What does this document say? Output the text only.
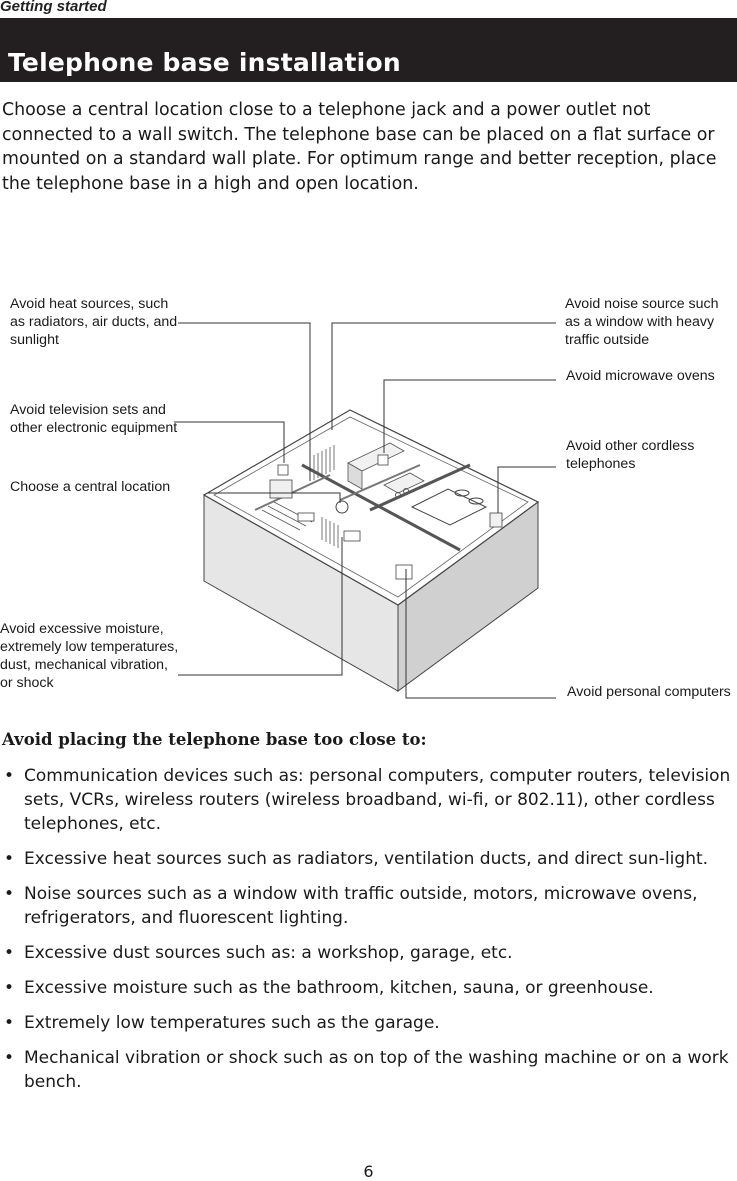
Getting started
Telephone base installation

Choose a central location close to a telephone jack and a power outlet not connected to a wall switch. The telephone base can be placed on a flat surface or mounted on a standard wall plate. For optimum range and better reception, place the telephone base in a high and open location.

Avoid heat sources, such
as radiators, air ducts, and
sunlight
Avoid television sets and
other electronic equipment
Choose a central location
Avoid excessive moisture,
extremely low temperatures,
dust, mechanical vibration,
or shock
Avoid noise source such
as a window with heavy
traffic outside
Avoid microwave ovens
Avoid other cordless
telephones
Avoid personal computers
Avoid placing the telephone base too close to:
• Communication devices such as: personal computers, computer routers, television sets, VCRs, wireless routers (wireless broadband, wi-fi, or 802.11), other cordless telephones, etc.
• Excessive heat sources such as radiators, ventilation ducts, and direct sun-light.
• Noise sources such as a window with traffic outside, motors, microwave ovens, refrigerators, and fluorescent lighting.
• Excessive dust sources such as: a workshop, garage, etc.
• Excessive moisture such as the bathroom, kitchen, sauna, or greenhouse.
• Extremely low temperatures such as the garage.
• Mechanical vibration or shock such as on top of the washing machine or on a work bench.
6
